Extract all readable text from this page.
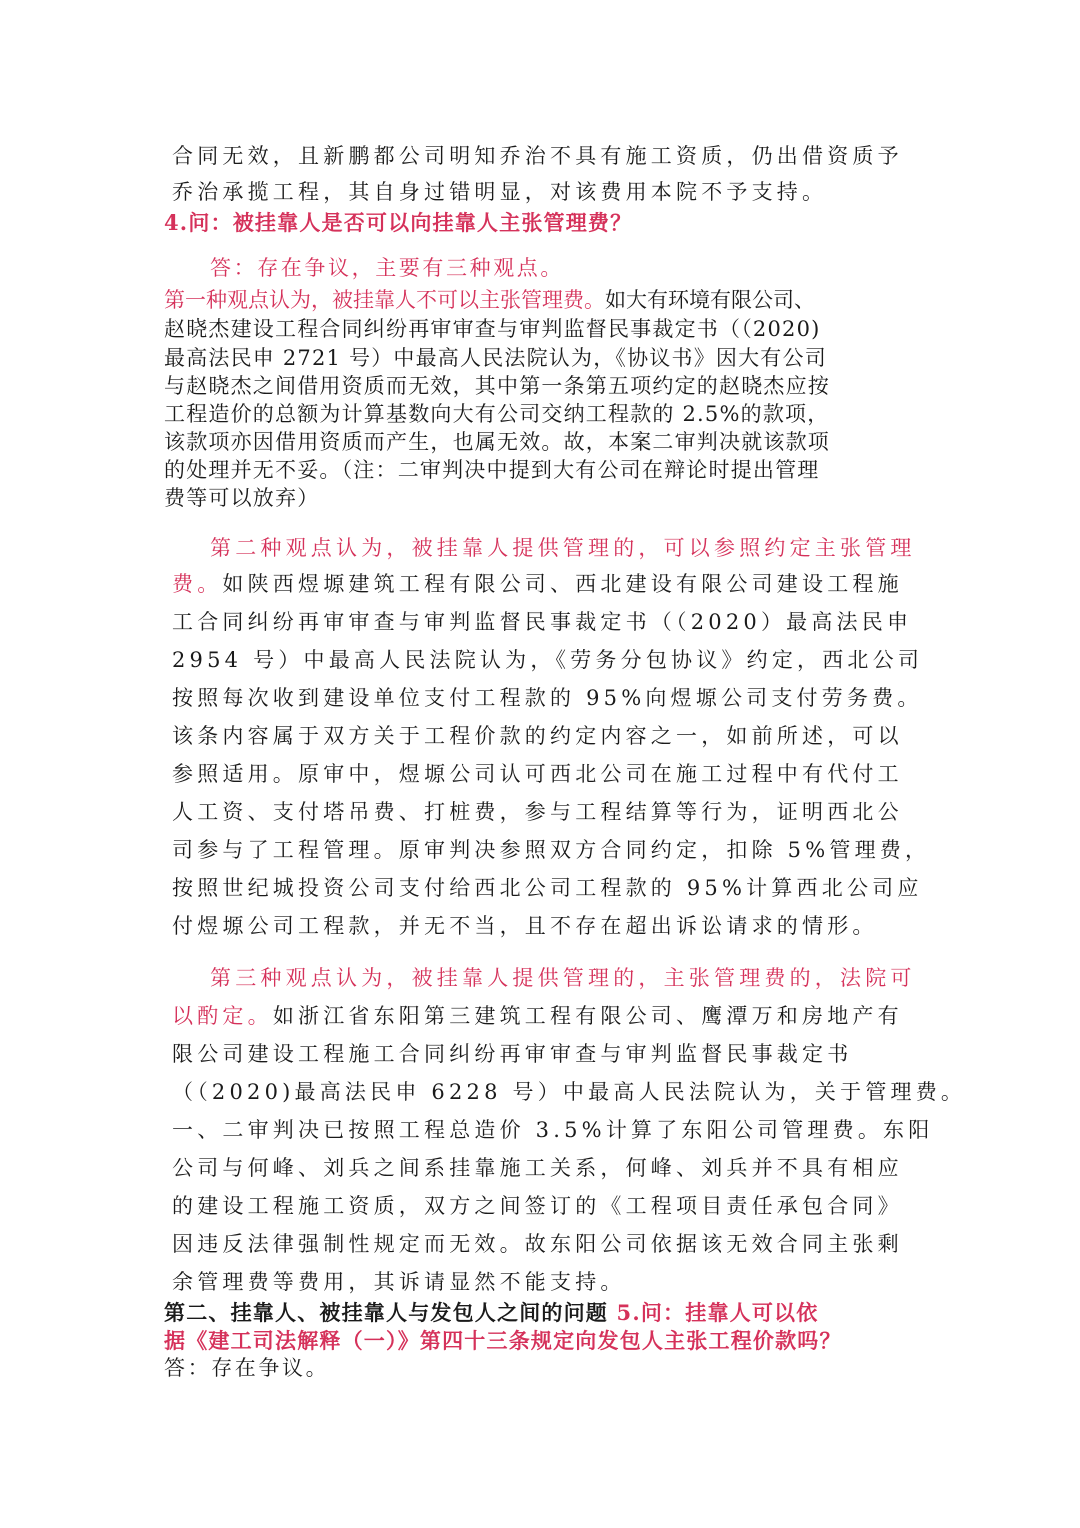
合同无效，且新鹏都公司明知乔治不具有施工资质，仍出借资质予
乔治承揽工程，其自身过错明显，对该费用本院不予支持。
4.问：被挂靠人是否可以向挂靠人主张管理费？
答：存在争议，主要有三种观点。
第一种观点认为，被挂靠人不可以主张管理费。如大有环境有限公司、
赵晓杰建设工程合同纠纷再审审查与审判监督民事裁定书（（2020)
最高法民申 2721 号）中最高人民法院认为，《协议书》因大有公司
与赵晓杰之间借用资质而无效，其中第一条第五项约定的赵晓杰应按
工程造价的总额为计算基数向大有公司交纳工程款的 2.5%的款项，
该款项亦因借用资质而产生，也属无效。故，本案二审判决就该款项
的处理并无不妥。（注：二审判决中提到大有公司在辩论时提出管理
费等可以放弃）
第二种观点认为，被挂靠人提供管理的，可以参照约定主张管理
费。如陕西煜塬建筑工程有限公司、西北建设有限公司建设工程施
工合同纠纷再审审查与审判监督民事裁定书（（2020）最高法民申
2954 号）中最高人民法院认为，《劳务分包协议》约定，西北公司
按照每次收到建设单位支付工程款的 95%向煜塬公司支付劳务费。
该条内容属于双方关于工程价款的约定内容之一，如前所述，可以
参照适用。原审中，煜塬公司认可西北公司在施工过程中有代付工
人工资、支付塔吊费、打桩费，参与工程结算等行为，证明西北公
司参与了工程管理。原审判决参照双方合同约定，扣除 5%管理费，
按照世纪城投资公司支付给西北公司工程款的 95%计算西北公司应
付煜塬公司工程款，并无不当，且不存在超出诉讼请求的情形。
第三种观点认为，被挂靠人提供管理的，主张管理费的，法院可
以酌定。如浙江省东阳第三建筑工程有限公司、鹰潭万和房地产有
限公司建设工程施工合同纠纷再审审查与审判监督民事裁定书
（（2020)最高法民申 6228 号）中最高人民法院认为，关于管理费。
一、二审判决已按照工程总造价 3.5%计算了东阳公司管理费。东阳
公司与何峰、刘兵之间系挂靠施工关系，何峰、刘兵并不具有相应
的建设工程施工资质，双方之间签订的《工程项目责任承包合同》
因违反法律强制性规定而无效。故东阳公司依据该无效合同主张剩
余管理费等费用，其诉请显然不能支持。
第二、挂靠人、被挂靠人与发包人之间的问题 5.问：挂靠人可以依
据《建工司法解释（一）》第四十三条规定向发包人主张工程价款吗？
答：存在争议。
